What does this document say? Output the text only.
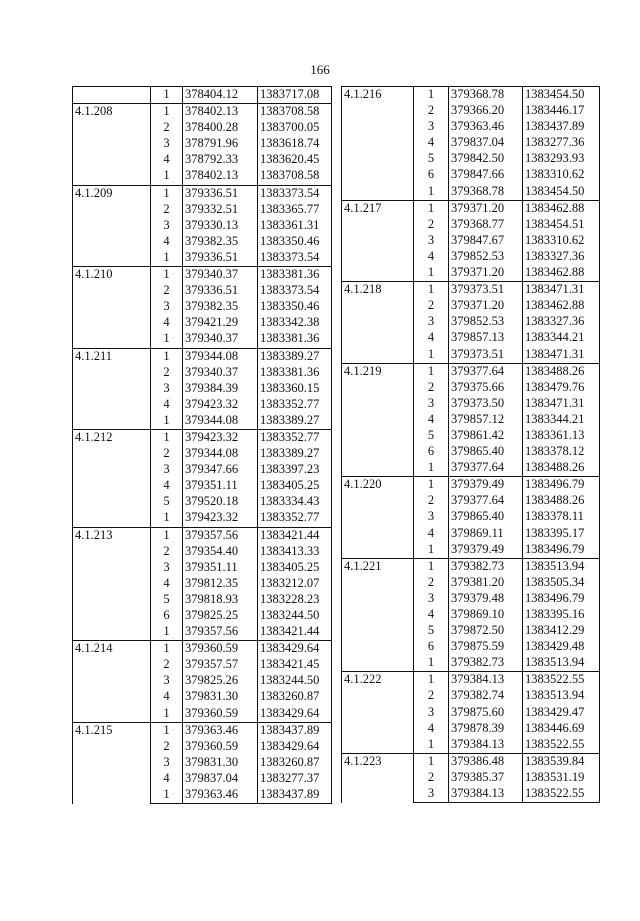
166
	1	378404.12	1383717.08
4.1.208	1	378402.13	1383708.58
	2	378400.28	1383700.05
	3	378791.96	1383618.74
	4	378792.33	1383620.45
	1	378402.13	1383708.58
4.1.209	1	379336.51	1383373.54
	2	379332.51	1383365.77
	3	379330.13	1383361.31
	4	379382.35	1383350.46
	1	379336.51	1383373.54
4.1.210	1	379340.37	1383381.36
	2	379336.51	1383373.54
	3	379382.35	1383350.46
	4	379421.29	1383342.38
	1	379340.37	1383381.36
4.1.211	1	379344.08	1383389.27
	2	379340.37	1383381.36
	3	379384.39	1383360.15
	4	379423.32	1383352.77
	1	379344.08	1383389.27
4.1.212	1	379423.32	1383352.77
	2	379344.08	1383389.27
	3	379347.66	1383397.23
	4	379351.11	1383405.25
	5	379520.18	1383334.43
	1	379423.32	1383352.77
4.1.213	1	379357.56	1383421.44
	2	379354.40	1383413.33
	3	379351.11	1383405.25
	4	379812.35	1383212.07
	5	379818.93	1383228.23
	6	379825.25	1383244.50
	1	379357.56	1383421.44
4.1.214	1	379360.59	1383429.64
	2	379357.57	1383421.45
	3	379825.26	1383244.50
	4	379831.30	1383260.87
	1	379360.59	1383429.64
4.1.215	1	379363.46	1383437.89
	2	379360.59	1383429.64
	3	379831.30	1383260.87
	4	379837.04	1383277.37
	1	379363.46	1383437.89
4.1.216	1	379368.78	1383454.50
	2	379366.20	1383446.17
	3	379363.46	1383437.89
	4	379837.04	1383277.36
	5	379842.50	1383293.93
	6	379847.66	1383310.62
	1	379368.78	1383454.50
4.1.217	1	379371.20	1383462.88
	2	379368.77	1383454.51
	3	379847.67	1383310.62
	4	379852.53	1383327.36
	1	379371.20	1383462.88
4.1.218	1	379373.51	1383471.31
	2	379371.20	1383462.88
	3	379852.53	1383327.36
	4	379857.13	1383344.21
	1	379373.51	1383471.31
4.1.219	1	379377.64	1383488.26
	2	379375.66	1383479.76
	3	379373.50	1383471.31
	4	379857.12	1383344.21
	5	379861.42	1383361.13
	6	379865.40	1383378.12
	1	379377.64	1383488.26
4.1.220	1	379379.49	1383496.79
	2	379377.64	1383488.26
	3	379865.40	1383378.11
	4	379869.11	1383395.17
	1	379379.49	1383496.79
4.1.221	1	379382.73	1383513.94
	2	379381.20	1383505.34
	3	379379.48	1383496.79
	4	379869.10	1383395.16
	5	379872.50	1383412.29
	6	379875.59	1383429.48
	1	379382.73	1383513.94
4.1.222	1	379384.13	1383522.55
	2	379382.74	1383513.94
	3	379875.60	1383429.47
	4	379878.39	1383446.69
	1	379384.13	1383522.55
4.1.223	1	379386.48	1383539.84
	2	379385.37	1383531.19
	3	379384.13	1383522.55
